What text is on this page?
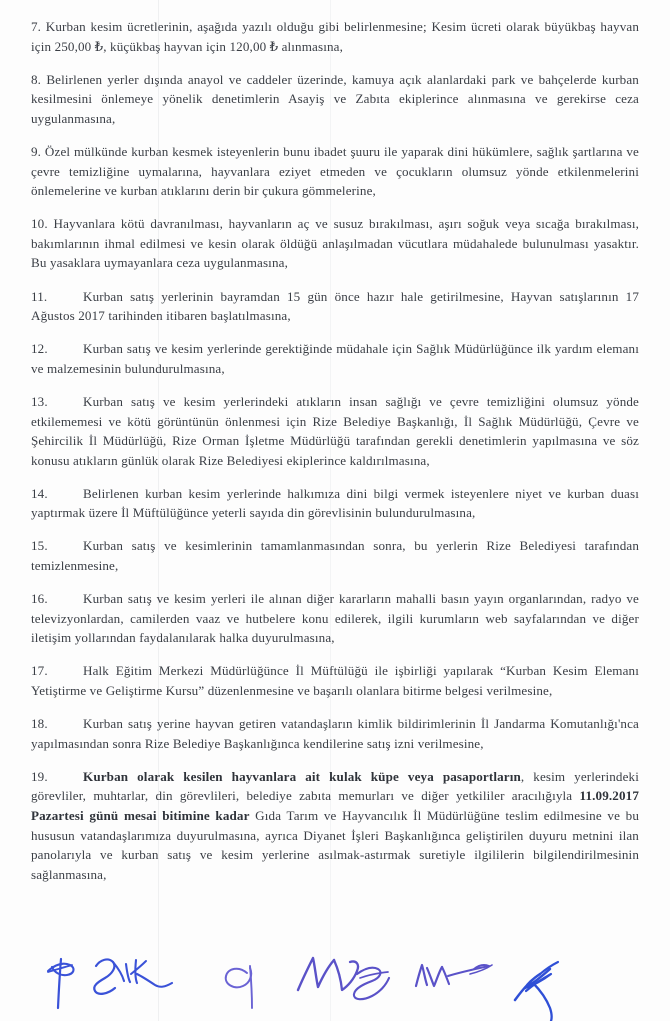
7. Kurban kesim ücretlerinin, aşağıda yazılı olduğu gibi belirlenmesine; Kesim ücreti olarak büyükbaş hayvan için 250,00 ₺, küçükbaş hayvan için 120,00 ₺ alınmasına,

8. Belirlenen yerler dışında anayol ve caddeler üzerinde, kamuya açık alanlardaki park ve bahçelerde kurban kesilmesini önlemeye yönelik denetimlerin Asayiş ve Zabıta ekiplerince alınmasına ve gerekirse ceza uygulanmasına,

9. Özel mülkünde kurban kesmek isteyenlerin bunu ibadet şuuru ile yaparak dini hükümlere, sağlık şartlarına ve çevre temizliğine uymalarına, hayvanlara eziyet etmeden ve çocukların olumsuz yönde etkilenmelerini önlemelerine ve kurban atıklarını derin bir çukura gömmelerine,

10. Hayvanlara kötü davranılması, hayvanların aç ve susuz bırakılması, aşırı soğuk veya sıcağa bırakılması, bakımlarının ihmal edilmesi ve kesin olarak öldüğü anlaşılmadan vücutlara müdahalede bulunulması yasaktır. Bu yasaklara uymayanlara ceza uygulanmasına,

11.	Kurban satış yerlerinin bayramdan 15 gün önce hazır hale getirilmesine, Hayvan satışlarının 17 Ağustos 2017 tarihinden itibaren başlatılmasına,

12.	Kurban satış ve kesim yerlerinde gerektiğinde müdahale için Sağlık Müdürlüğünce ilk yardım elemanı ve malzemesinin bulundurulmasına,

13.	Kurban satış ve kesim yerlerindeki atıkların insan sağlığı ve çevre temizliğini olumsuz yönde etkilememesi ve kötü görüntünün önlenmesi için Rize Belediye Başkanlığı, İl Sağlık Müdürlüğü, Çevre ve Şehircilik İl Müdürlüğü, Rize Orman İşletme Müdürlüğü tarafından gerekli denetimlerin yapılmasına ve söz konusu atıkların günlük olarak Rize Belediyesi ekiplerince kaldırılmasına,

14.	Belirlenen kurban kesim yerlerinde halkımıza dini bilgi vermek isteyenlere niyet ve kurban duası yaptırmak üzere İl Müftülüğünce yeterli sayıda din görevlisinin bulundurulmasına,

15.	Kurban satış ve kesimlerinin tamamlanmasından sonra, bu yerlerin Rize Belediyesi tarafından temizlenmesine,

16.	Kurban satış ve kesim yerleri ile alınan diğer kararların mahalli basın yayın organlarından, radyo ve televizyonlardan, camilerden vaaz ve hutbelere konu edilerek, ilgili kurumların web sayfalarından ve diğer iletişim yollarından faydalanılarak halka duyurulmasına,

17.	Halk Eğitim Merkezi Müdürlüğünce İl Müftülüğü ile işbirliği yapılarak “Kurban Kesim Elemanı Yetiştirme ve Geliştirme Kursu” düzenlenmesine ve başarılı olanlara bitirme belgesi verilmesine,

18.	Kurban satış yerine hayvan getiren vatandaşların kimlik bildirimlerinin İl Jandarma Komutanlığı'nca yapılmasından sonra Rize Belediye Başkanlığınca kendilerine satış izni verilmesine,

19.	Kurban olarak kesilen hayvanlara ait kulak küpe veya pasaportların, kesim yerlerindeki görevliler, muhtarlar, din görevlileri, belediye zabıta memurları ve diğer yetkililer aracılığıyla 11.09.2017 Pazartesi günü mesai bitimine kadar Gıda Tarım ve Hayvancılık İl Müdürlüğüne teslim edilmesine ve bu hususun vatandaşlarımıza duyurulmasına, ayrıca Diyanet İşleri Başkanlığınca geliştirilen duyuru metnini ilan panolarıyla ve kurban satış ve kesim yerlerine asılmak-astırmak suretiyle ilgililerin bilgilendirilmesinin sağlanmasına,
